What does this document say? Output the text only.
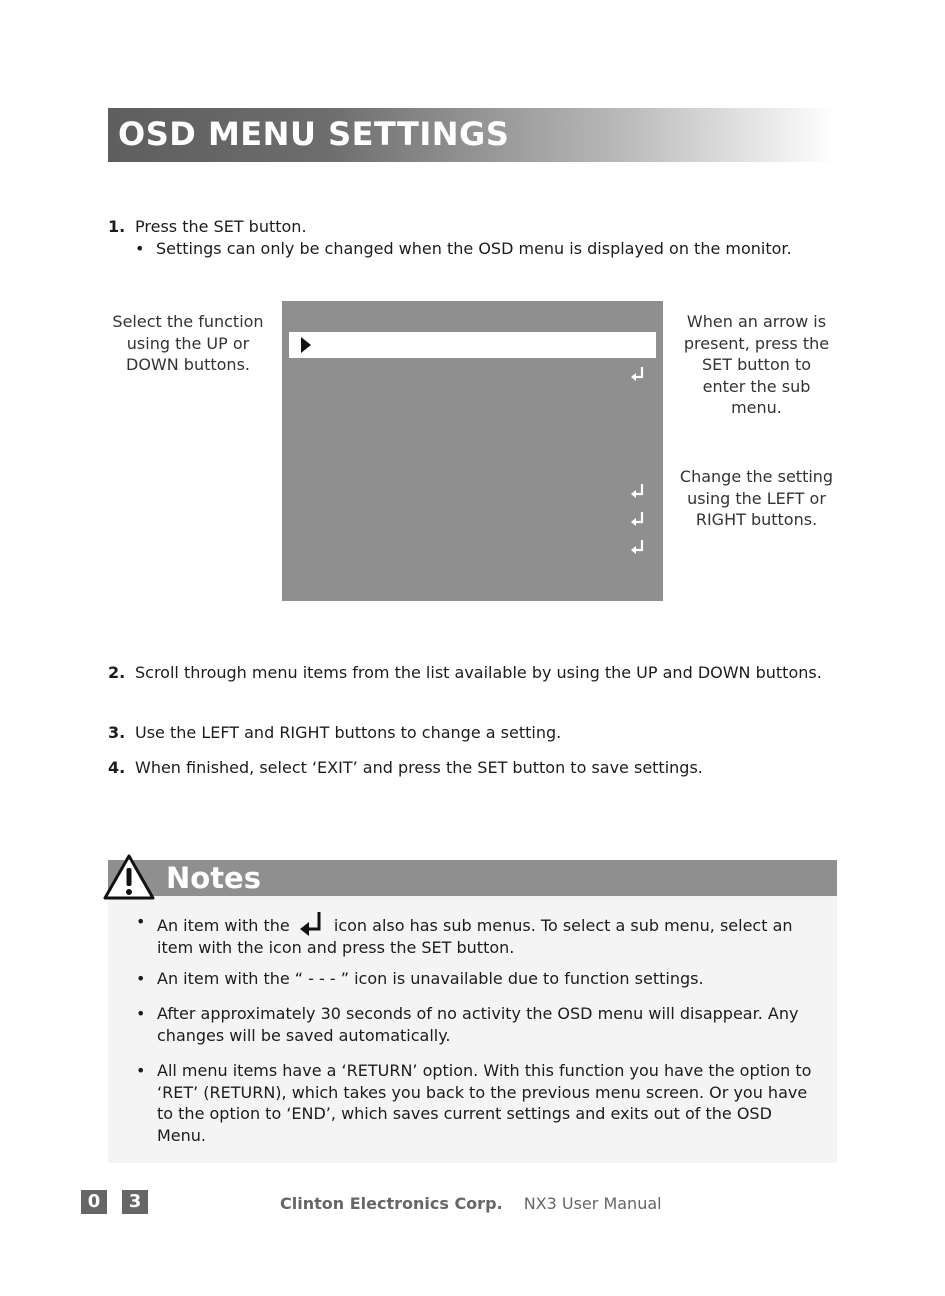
OSD MENU SETTINGS
1. Press the SET button.
• Settings can only be changed when the OSD menu is displayed on the monitor.
Select the function using the UP or DOWN buttons.
When an arrow is present, press the SET button to enter the sub menu.
Change the setting using the LEFT or RIGHT buttons.
2. Scroll through menu items from the list available by using the UP and DOWN buttons.
3. Use the LEFT and RIGHT buttons to change a setting.
4. When finished, select ‘EXIT’ and press the SET button to save settings.
Notes
• An item with the	icon also has sub menus. To select a sub menu, select an item with the icon and press the SET button.
• An item with the “ - - - ” icon is unavailable due to function settings.
• After approximately 30 seconds of no activity the OSD menu will disappear. Any changes will be saved automatically.
• All menu items have a ‘RETURN’ option. With this function you have the option to ‘RET’ (RETURN), which takes you back to the previous menu screen. Or you have to the option to ‘END’, which saves current settings and exits out of the OSD Menu.
0	3	Clinton Electronics Corp. NX3 User Manual
